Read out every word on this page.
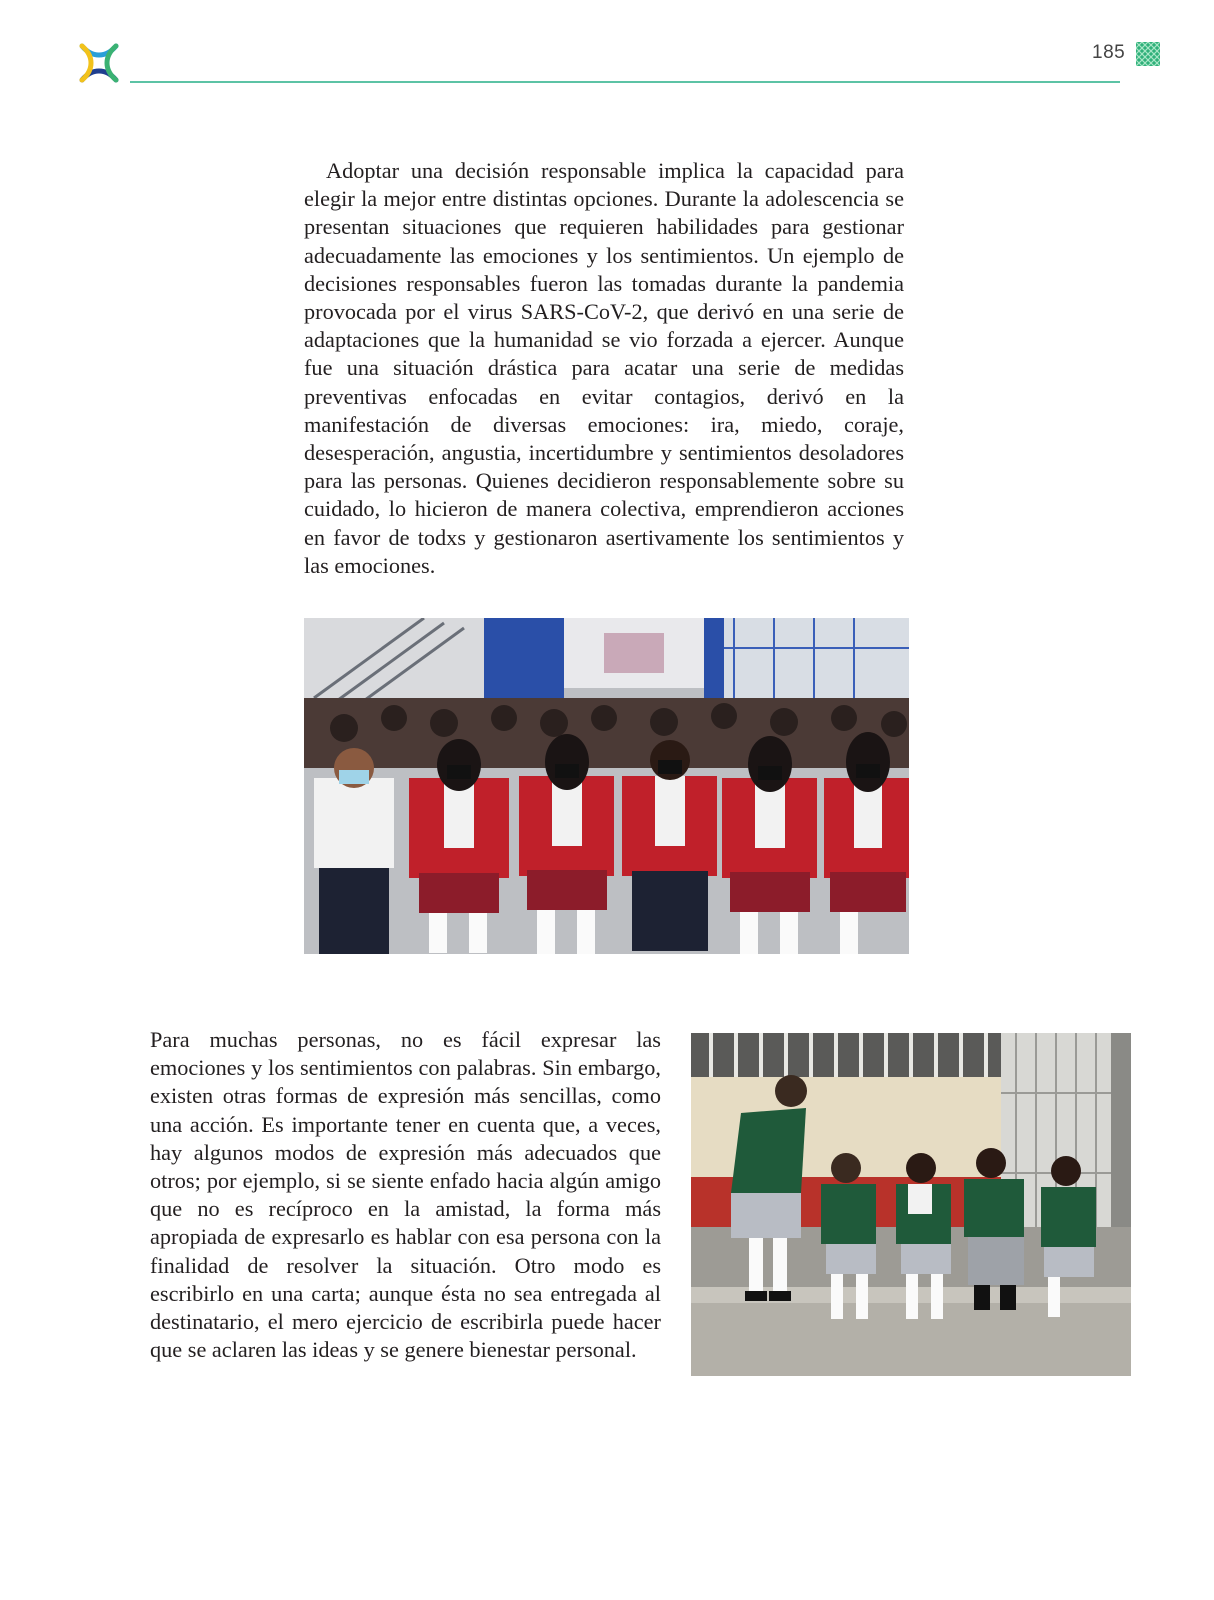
185

Adoptar una decisión responsable implica la capacidad para elegir la mejor entre distintas opciones. Durante la adolescencia se presentan situaciones que requieren habilidades para gestionar adecuadamente las emociones y los sentimientos. Un ejemplo de decisiones responsables fueron las tomadas durante la pandemia provocada por el virus SARS-CoV-2, que derivó en una serie de adaptaciones que la humanidad se vio forzada a ejercer. Aunque fue una situación drástica para acatar una serie de medidas preventivas enfocadas en evitar contagios, derivó en la manifestación de diversas emociones: ira, miedo, coraje, desesperación, angustia, incertidumbre y sentimientos desoladores para las personas. Quienes decidieron responsablemente sobre su cuidado, lo hicieron de manera colectiva, emprendieron acciones en favor de todxs y gestionaron asertivamente los sentimientos y las emociones.

Para muchas personas, no es fácil expresar las emociones y los sentimientos con palabras. Sin embargo, existen otras formas de expresión más sencillas, como una acción. Es importante tener en cuenta que, a veces, hay algunos modos de expresión más adecuados que otros; por ejemplo, si se siente enfado hacia algún amigo que no es recíproco en la amistad, la forma más apropiada de expresarlo es hablar con esa persona con la finalidad de resolver la situación. Otro modo es escribirlo en una carta; aunque ésta no sea entregada al destinatario, el mero ejercicio de escribirla puede hacer que se aclaren las ideas y se genere bienestar personal.
